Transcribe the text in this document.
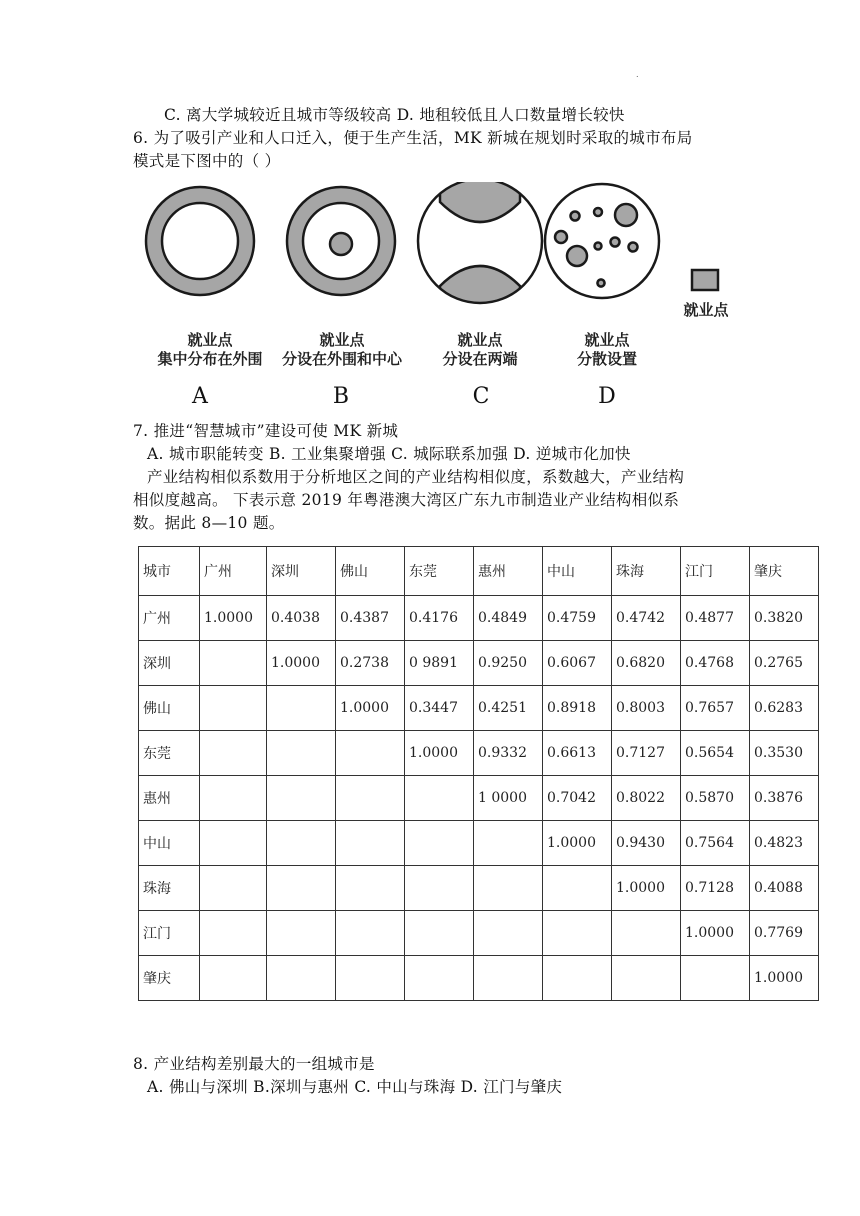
.
C. 离大学城较近且城市等级较高 D. 地租较低且人口数量增长较快
6. 为了吸引产业和人口迁入，便于生产生活，MK 新城在规划时采取的城市布局
模式是下图中的（ ）
就业点
集中分布在外围
就业点
分设在外围和中心
就业点
分设在两端
就业点
分散设置
就业点
A	B	C	D
7. 推进“智慧城市”建设可使 MK 新城
A. 城市职能转变 B. 工业集聚增强 C. 城际联系加强 D. 逆城市化加快
产业结构相似系数用于分析地区之间的产业结构相似度，系数越大，产业结构
相似度越高。 下表示意 2019 年粤港澳大湾区广东九市制造业产业结构相似系
数。据此 8—10 题。
城市	广州	深圳	佛山	东莞	惠州	中山	珠海	江门	肇庆
广州	1.0000	0.4038	0.4387	0.4176	0.4849	0.4759	0.4742	0.4877	0.3820
深圳		1.0000	0.2738	0 9891	0.9250	0.6067	0.6820	0.4768	0.2765
佛山			1.0000	0.3447	0.4251	0.8918	0.8003	0.7657	0.6283
东莞				1.0000	0.9332	0.6613	0.7127	0.5654	0.3530
惠州					1 0000	0.7042	0.8022	0.5870	0.3876
中山						1.0000	0.9430	0.7564	0.4823
珠海							1.0000	0.7128	0.4088
江门								1.0000	0.7769
肇庆									1.0000
8. 产业结构差别最大的一组城市是
A. 佛山与深圳 B.深圳与惠州 C. 中山与珠海 D. 江门与肇庆
